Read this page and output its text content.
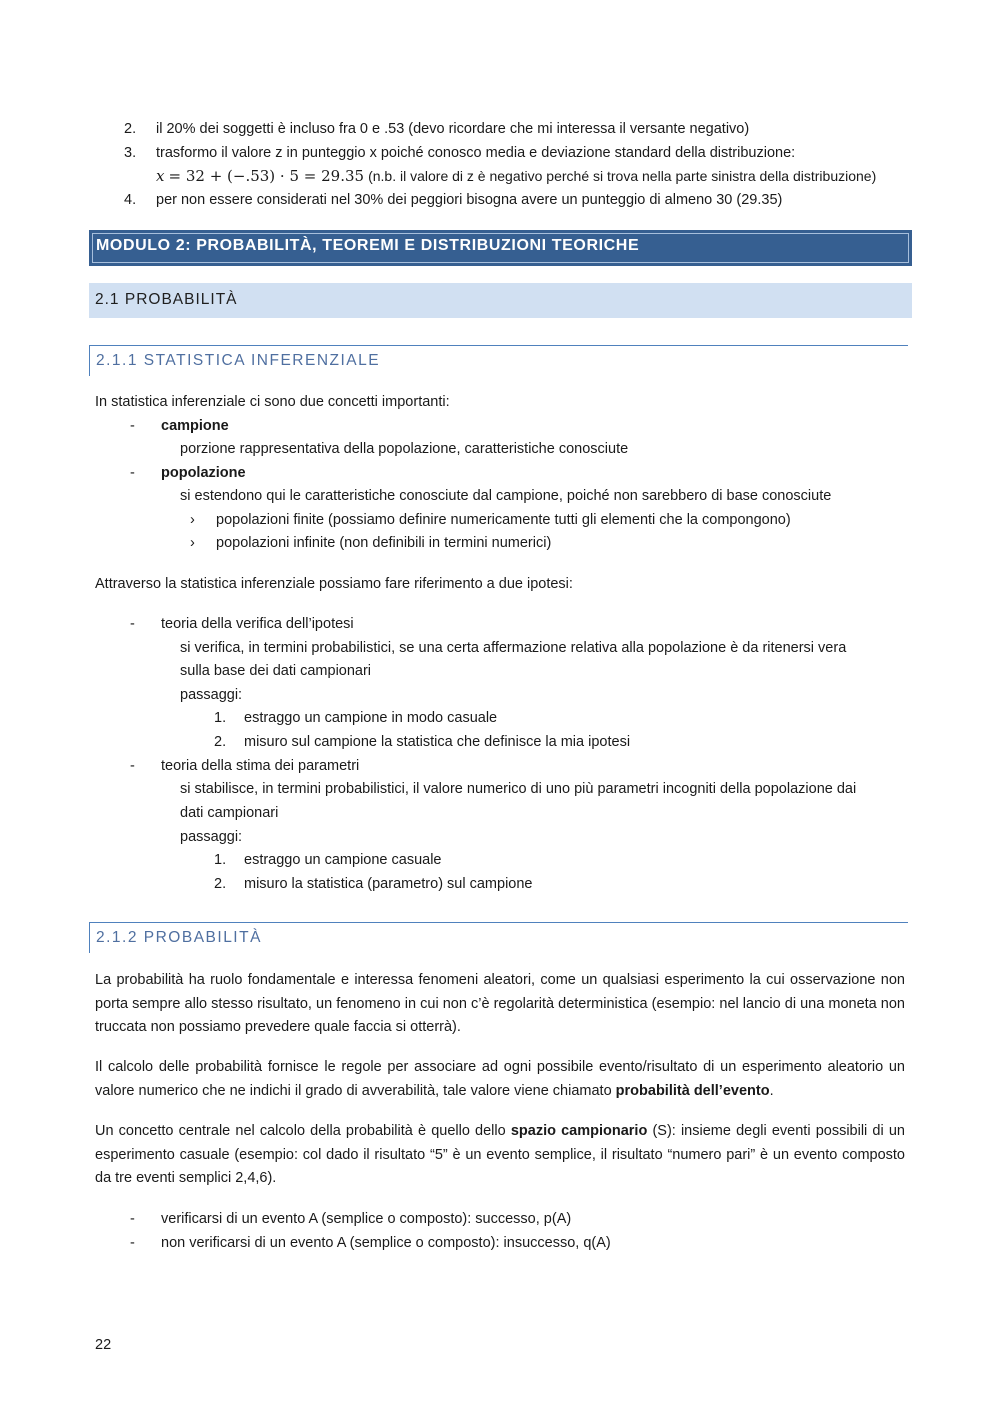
2. il 20% dei soggetti è incluso fra 0 e .53 (devo ricordare che mi interessa il versante negativo)
3. trasformo il valore z in punteggio x poiché conosco media e deviazione standard della distribuzione:
x = 32 + (−.53) · 5 = 29.35 (n.b. il valore di z è negativo perché si trova nella parte sinistra della distribuzione)
4. per non essere considerati nel 30% dei peggiori bisogna avere un punteggio di almeno 30 (29.35)
MODULO 2: PROBABILITÀ, TEOREMI E DISTRIBUZIONI TEORICHE
2.1 PROBABILITÀ
2.1.1 STATISTICA INFERENZIALE
In statistica inferenziale ci sono due concetti importanti:
- campione
porzione rappresentativa della popolazione, caratteristiche conosciute
- popolazione
si estendono qui le caratteristiche conosciute dal campione, poiché non sarebbero di base conosciute
› popolazioni finite (possiamo definire numericamente tutti gli elementi che la compongono)
› popolazioni infinite (non definibili in termini numerici)
Attraverso la statistica inferenziale possiamo fare riferimento a due ipotesi:
- teoria della verifica dell’ipotesi
si verifica, in termini probabilistici, se una certa affermazione relativa alla popolazione è da ritenersi vera
sulla base dei dati campionari
passaggi:
1. estraggo un campione in modo casuale
2. misuro sul campione la statistica che definisce la mia ipotesi
- teoria della stima dei parametri
si stabilisce, in termini probabilistici, il valore numerico di uno più parametri incogniti della popolazione dai
dati campionari
passaggi:
1. estraggo un campione casuale
2. misuro la statistica (parametro) sul campione
2.1.2 PROBABILITÀ
La probabilità ha ruolo fondamentale e interessa fenomeni aleatori, come un qualsiasi esperimento la cui osservazione non porta sempre allo stesso risultato, un fenomeno in cui non c’è regolarità deterministica (esempio: nel lancio di una moneta non truccata non possiamo prevedere quale faccia si otterrà).
Il calcolo delle probabilità fornisce le regole per associare ad ogni possibile evento/risultato di un esperimento aleatorio un valore numerico che ne indichi il grado di avverabilità, tale valore viene chiamato probabilità dell’evento.
Un concetto centrale nel calcolo della probabilità è quello dello spazio campionario (S): insieme degli eventi possibili di un esperimento casuale (esempio: col dado il risultato “5” è un evento semplice, il risultato “numero pari” è un evento composto da tre eventi semplici 2,4,6).
- verificarsi di un evento A (semplice o composto): successo, p(A)
- non verificarsi di un evento A (semplice o composto): insuccesso, q(A)
22
